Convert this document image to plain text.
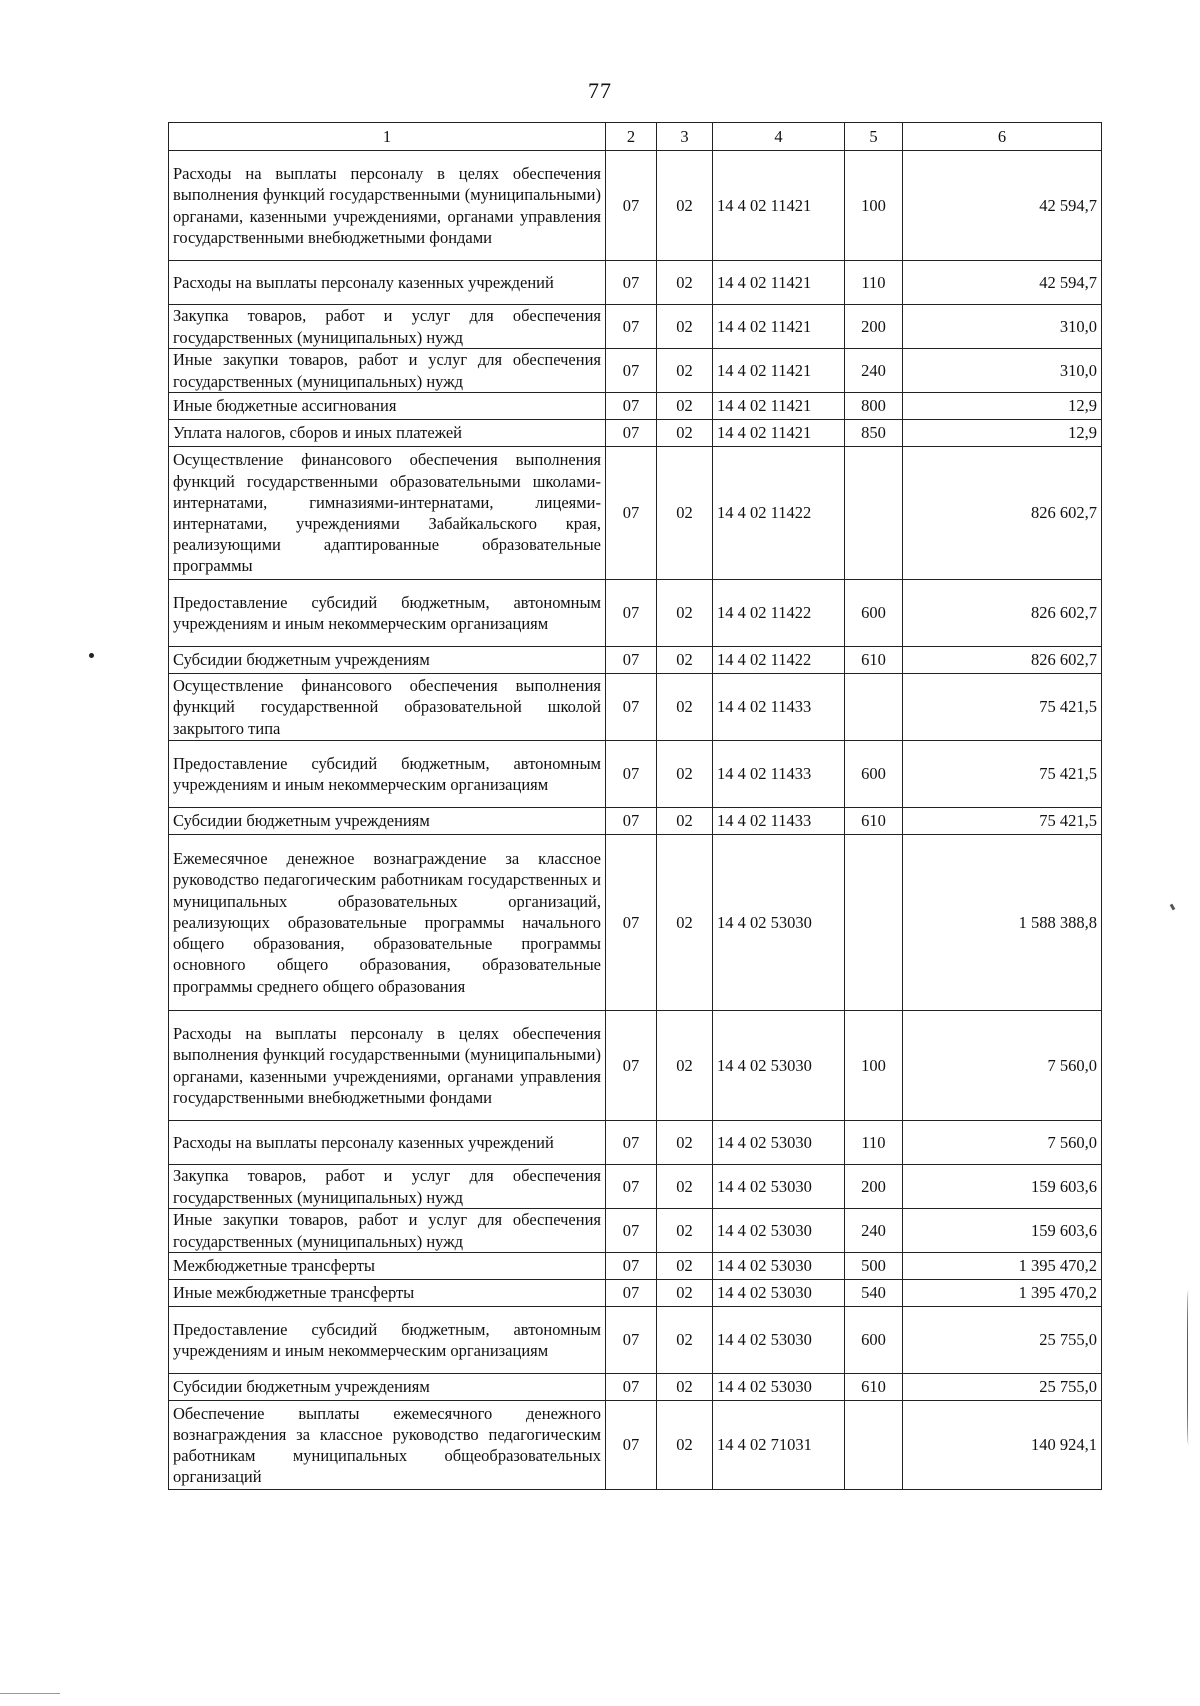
77
1	2	3	4	5	6
Расходы на выплаты персоналу в целях обеспечения выполнения функций государственными (муниципальными) органами, казенными учреждениями, органами управления государственными внебюджетными фондами	07	02	14 4 02 11421	100	42 594,7
Расходы на выплаты персоналу казенных учреждений	07	02	14 4 02 11421	110	42 594,7
Закупка товаров, работ и услуг для обеспечения государственных (муниципальных) нужд	07	02	14 4 02 11421	200	310,0
Иные закупки товаров, работ и услуг для обеспечения государственных (муниципальных) нужд	07	02	14 4 02 11421	240	310,0
Иные бюджетные ассигнования	07	02	14 4 02 11421	800	12,9
Уплата налогов, сборов и иных платежей	07	02	14 4 02 11421	850	12,9
Осуществление финансового обеспечения выполнения функций государственными образовательными школами-интернатами, гимназиями-интернатами, лицеями-интернатами, учреждениями Забайкальского края, реализующими адаптированные образовательные программы	07	02	14 4 02 11422		826 602,7
Предоставление субсидий бюджетным, автономным учреждениям и иным некоммерческим организациям	07	02	14 4 02 11422	600	826 602,7
Субсидии бюджетным учреждениям	07	02	14 4 02 11422	610	826 602,7
Осуществление финансового обеспечения выполнения функций государственной образовательной школой закрытого типа	07	02	14 4 02 11433		75 421,5
Предоставление субсидий бюджетным, автономным учреждениям и иным некоммерческим организациям	07	02	14 4 02 11433	600	75 421,5
Субсидии бюджетным учреждениям	07	02	14 4 02 11433	610	75 421,5
Ежемесячное денежное вознаграждение за классное руководство педагогическим работникам государственных и муниципальных образовательных организаций, реализующих образовательные программы начального общего образования, образовательные программы основного общего образования, образовательные программы среднего общего образования	07	02	14 4 02 53030		1 588 388,8
Расходы на выплаты персоналу в целях обеспечения выполнения функций государственными (муниципальными) органами, казенными учреждениями, органами управления государственными внебюджетными фондами	07	02	14 4 02 53030	100	7 560,0
Расходы на выплаты персоналу казенных учреждений	07	02	14 4 02 53030	110	7 560,0
Закупка товаров, работ и услуг для обеспечения государственных (муниципальных) нужд	07	02	14 4 02 53030	200	159 603,6
Иные закупки товаров, работ и услуг для обеспечения государственных (муниципальных) нужд	07	02	14 4 02 53030	240	159 603,6
Межбюджетные трансферты	07	02	14 4 02 53030	500	1 395 470,2
Иные межбюджетные трансферты	07	02	14 4 02 53030	540	1 395 470,2
Предоставление субсидий бюджетным, автономным учреждениям и иным некоммерческим организациям	07	02	14 4 02 53030	600	25 755,0
Субсидии бюджетным учреждениям	07	02	14 4 02 53030	610	25 755,0
Обеспечение выплаты ежемесячного денежного вознаграждения за классное руководство педагогическим работникам муниципальных общеобразовательных организаций	07	02	14 4 02 71031		140 924,1
